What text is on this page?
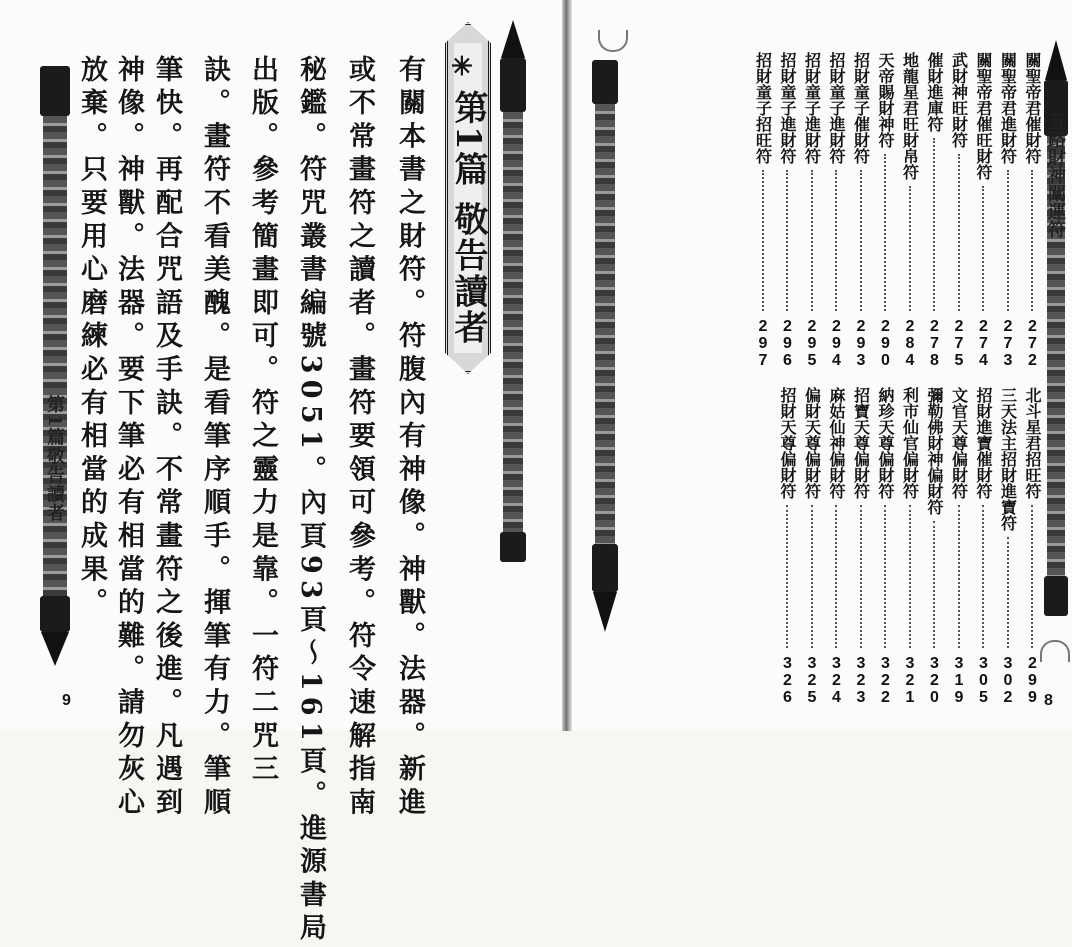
第1篇敬告讀者
第1篇 敬告讀者
✳
有關本書之財符。符腹內有神像。神獸。法器。新進
或不常畫符之讀者。畫符要領可參考。符令速解指南
秘鑑。符咒叢書編號3051。內頁93頁〜161頁。進源書局
出版。參考簡畫即可。符之靈力是靠。一符二咒三
訣。畫符不看美醜。是看筆序順手。揮筆有力。筆順
筆快。再配合咒語及手訣。不常畫符之後進。凡遇到
神像。神獸。法器。要下筆必有相當的難。請勿灰心
放棄。只要用心磨練必有相當的成果。
9
五路財神闡運符
關聖帝君催財符
272
關聖帝君進財符
273
關聖帝君催旺財符
274
武財神旺財符
275
催財進庫符
278
地龍星君旺財帛符
284
天帝賜財神符
290
招財童子催財符
293
招財童子進財符
294
招財童子進財符
295
招財童子進財符
296
招財童子招旺符
297
北斗星君招旺符
299
三天法主招財進寶符
302
招財進寶催財符
305
文官天尊偏財符
319
彌勒佛財神偏財符
320
利市仙官偏財符
321
納珍天尊偏財符
322
招寶天尊偏財符
323
麻姑仙神偏財符
324
偏財天尊偏財符
325
招財天尊偏財符
326	8
